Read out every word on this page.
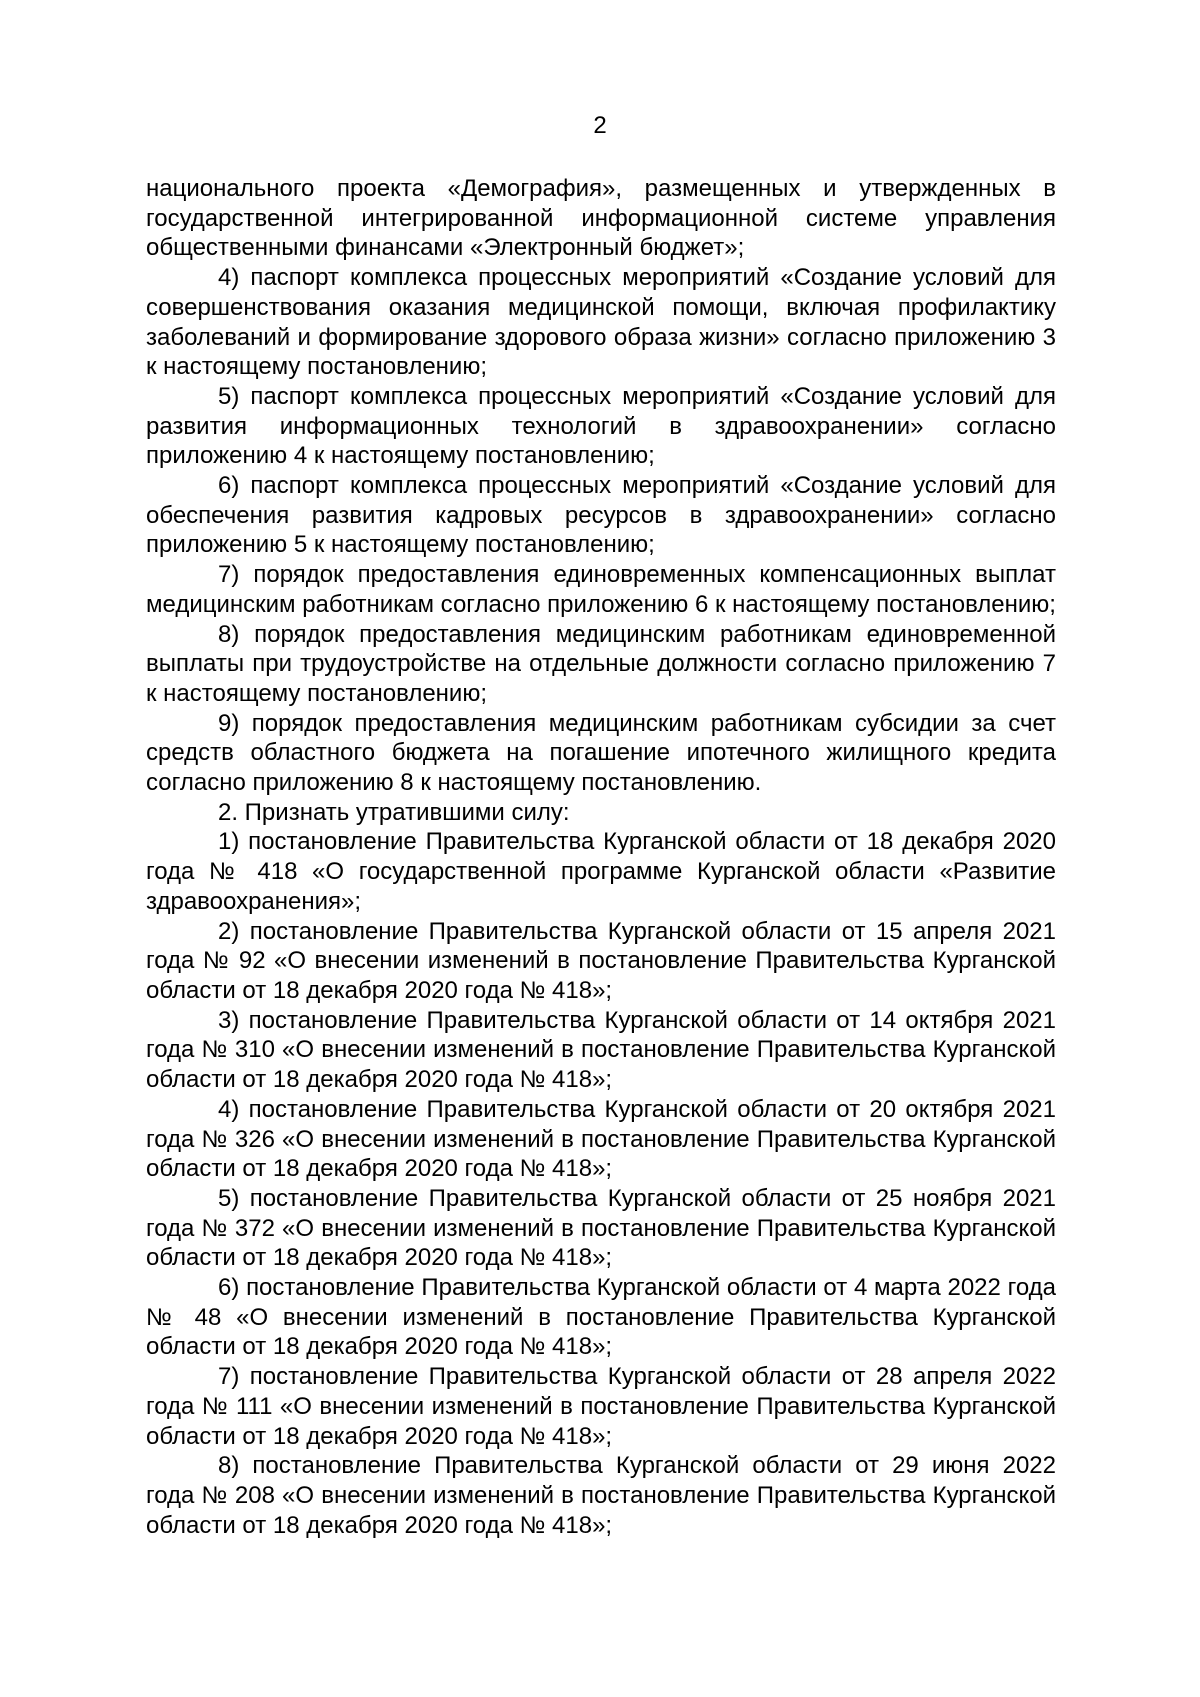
2

национального проекта «Демография», размещенных и утвержденных в государственной интегрированной информационной системе управления общественными финансами «Электронный бюджет»;

4) паспорт комплекса процессных мероприятий «Создание условий для совершенствования оказания медицинской помощи, включая профилактику заболеваний и формирование здорового образа жизни» согласно приложению 3 к настоящему постановлению;

5) паспорт комплекса процессных мероприятий «Создание условий для развития информационных технологий в здравоохранении» согласно приложению 4 к настоящему постановлению;

6) паспорт комплекса процессных мероприятий «Создание условий для обеспечения развития кадровых ресурсов в здравоохранении» согласно приложению 5 к настоящему постановлению;

7) порядок предоставления единовременных компенсационных выплат медицинским работникам согласно приложению 6 к настоящему постановлению;

8) порядок предоставления медицинским работникам единовременной выплаты при трудоустройстве на отдельные должности согласно приложению 7 к настоящему постановлению;

9) порядок предоставления медицинским работникам субсидии за счет средств областного бюджета на погашение ипотечного жилищного кредита согласно приложению 8 к настоящему постановлению.

2. Признать утратившими силу:

1) постановление Правительства Курганской области от 18 декабря 2020 года № 418 «О государственной программе Курганской области «Развитие здравоохранения»;

2) постановление Правительства Курганской области от 15 апреля 2021 года № 92 «О внесении изменений в постановление Правительства Курганской области от 18 декабря 2020 года № 418»;

3) постановление Правительства Курганской области от 14 октября 2021 года № 310 «О внесении изменений в постановление Правительства Курганской области от 18 декабря 2020 года № 418»;

4) постановление Правительства Курганской области от 20 октября 2021 года № 326 «О внесении изменений в постановление Правительства Курганской области от 18 декабря 2020 года № 418»;

5) постановление Правительства Курганской области от 25 ноября 2021 года № 372 «О внесении изменений в постановление Правительства Курганской области от 18 декабря 2020 года № 418»;

6) постановление Правительства Курганской области от 4 марта 2022 года № 48 «О внесении изменений в постановление Правительства Курганской области от 18 декабря 2020 года № 418»;

7) постановление Правительства Курганской области от 28 апреля 2022 года № 111 «О внесении изменений в постановление Правительства Курганской области от 18 декабря 2020 года № 418»;

8) постановление Правительства Курганской области от 29 июня 2022 года № 208 «О внесении изменений в постановление Правительства Курганской области от 18 декабря 2020 года № 418»;
